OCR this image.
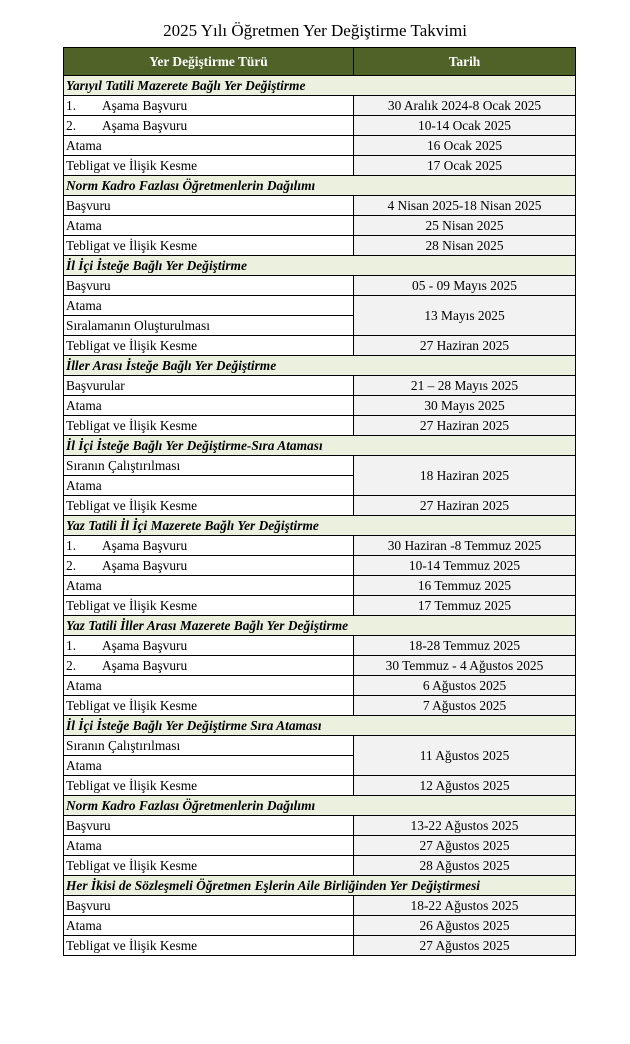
2025 Yılı Öğretmen Yer Değiştirme Takvimi
Yer Değiştirme Türü	Tarih
Yarıyıl Tatili Mazerete Bağlı Yer Değiştirme	
1. Aşama Başvuru	30 Aralık 2024-8 Ocak 2025
2. Aşama Başvuru	10-14 Ocak 2025
Atama	16 Ocak 2025
Tebligat ve İlişik Kesme	17 Ocak 2025
Norm Kadro Fazlası Öğretmenlerin Dağılımı	
Başvuru	4 Nisan 2025-18 Nisan 2025
Atama	25 Nisan 2025
Tebligat ve İlişik Kesme	28 Nisan 2025
İl İçi İsteğe Bağlı Yer Değiştirme	
Başvuru	05 - 09 Mayıs 2025
Atama	13 Mayıs 2025
Sıralamanın Oluşturulması	
Tebligat ve İlişik Kesme	27 Haziran 2025
İller Arası İsteğe Bağlı Yer Değiştirme	
Başvurular	21 – 28 Mayıs 2025
Atama	30 Mayıs 2025
Tebligat ve İlişik Kesme	27 Haziran 2025
İl İçi İsteğe Bağlı Yer Değiştirme-Sıra Ataması	
Sıranın Çalıştırılması	18 Haziran 2025
Atama	
Tebligat ve İlişik Kesme	27 Haziran 2025
Yaz Tatili İl İçi Mazerete Bağlı Yer Değiştirme	
1. Aşama Başvuru	30 Haziran -8 Temmuz 2025
2. Aşama Başvuru	10-14 Temmuz 2025
Atama	16 Temmuz 2025
Tebligat ve İlişik Kesme	17 Temmuz 2025
Yaz Tatili İller Arası Mazerete Bağlı Yer Değiştirme	
1. Aşama Başvuru	18-28 Temmuz 2025
2. Aşama Başvuru	30 Temmuz - 4 Ağustos 2025
Atama	6 Ağustos 2025
Tebligat ve İlişik Kesme	7 Ağustos 2025
İl İçi İsteğe Bağlı Yer Değiştirme Sıra Ataması	
Sıranın Çalıştırılması	11 Ağustos 2025
Atama	
Tebligat ve İlişik Kesme	12 Ağustos 2025
Norm Kadro Fazlası Öğretmenlerin Dağılımı	
Başvuru	13-22 Ağustos 2025
Atama	27 Ağustos 2025
Tebligat ve İlişik Kesme	28 Ağustos 2025
Her İkisi de Sözleşmeli Öğretmen Eşlerin Aile Birliğinden Yer Değiştirmesi	
Başvuru	18-22 Ağustos 2025
Atama	26 Ağustos 2025
Tebligat ve İlişik Kesme	27 Ağustos 2025
